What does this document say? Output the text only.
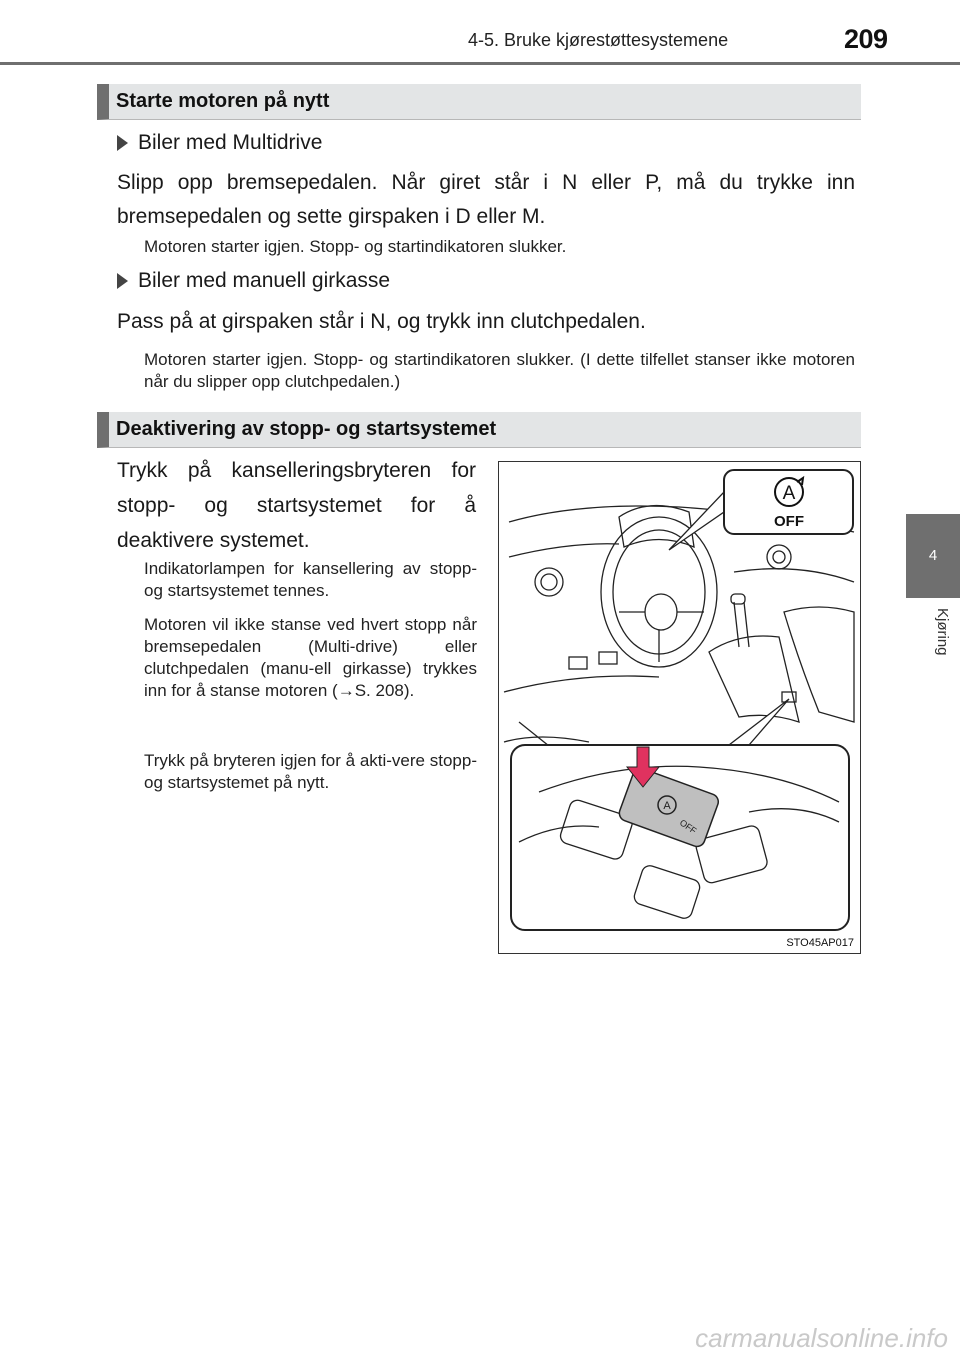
4-5. Bruke kjørestøttesystemene	209
4
Kjøring
Starte motoren på nytt
Biler med Multidrive
Slipp opp bremsepedalen. Når giret står i N eller P, må du trykke inn bremsepedalen og sette girspaken i D eller M.
Motoren starter igjen. Stopp- og startindikatoren slukker.
Biler med manuell girkasse
Pass på at girspaken står i N, og trykk inn clutchpedalen.
Motoren starter igjen. Stopp- og startindikatoren slukker. (I dette tilfellet stanser ikke motoren når du slipper opp clutchpedalen.)
Deaktivering av stopp- og startsystemet
Trykk på kanselleringsbryteren for stopp- og startsystemet for å deaktivere systemet.
Indikatorlampen for kansellering av stopp- og startsystemet tennes.
Motoren vil ikke stanse ved hvert stopp når bremsepedalen (Multi-drive) eller clutchpedalen (manu-ell girkasse) trykkes inn for å stanse motoren (→S. 208).
Trykk på bryteren igjen for å akti-vere stopp- og startsystemet på nytt.
A
OFF
A
OFF
STO45AP017
carmanualsonline.info
